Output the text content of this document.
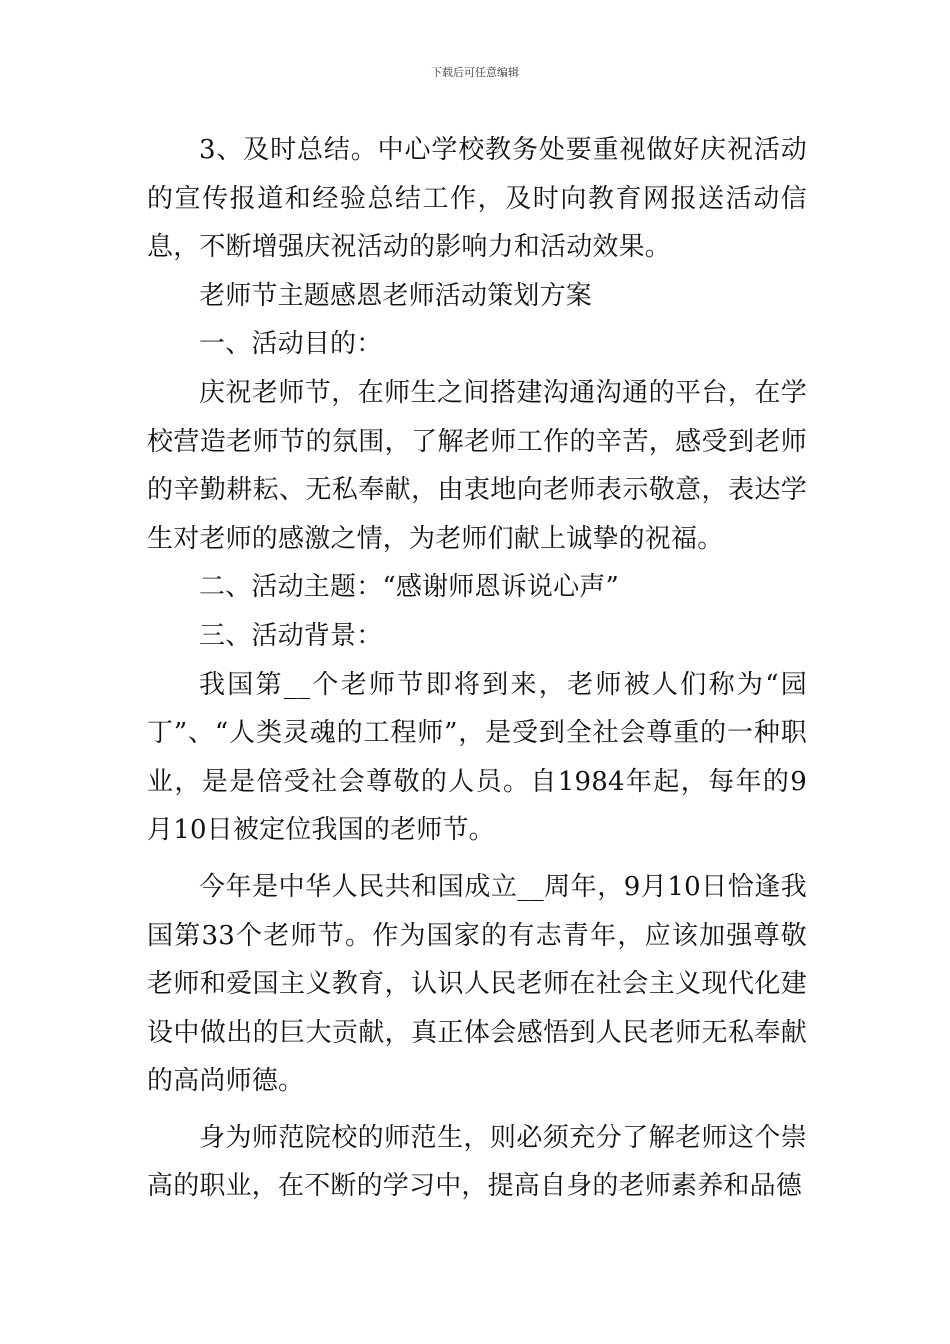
下载后可任意编辑

3、及时总结。中心学校教务处要重视做好庆祝活动的宣传报道和经验总结工作，及时向教育网报送活动信息，不断增强庆祝活动的影响力和活动效果。

老师节主题感恩老师活动策划方案

一、活动目的：

庆祝老师节，在师生之间搭建沟通沟通的平台，在学校营造老师节的氛围，了解老师工作的辛苦，感受到老师的辛勤耕耘、无私奉献，由衷地向老师表示敬意，表达学生对老师的感激之情，为老师们献上诚挚的祝福。

二、活动主题：“感谢师恩诉说心声”

三、活动背景：

我国第__个老师节即将到来，老师被人们称为“园丁”、“人类灵魂的工程师”，是受到全社会尊重的一种职业，是是倍受社会尊敬的人员。自1984年起，每年的9月10日被定位我国的老师节。

今年是中华人民共和国成立__周年，9月10日恰逢我国第33个老师节。作为国家的有志青年，应该加强尊敬老师和爱国主义教育，认识人民老师在社会主义现代化建设中做出的巨大贡献，真正体会感悟到人民老师无私奉献的高尚师德。

身为师范院校的师范生，则必须充分了解老师这个崇高的职业，在不断的学习中，提高自身的老师素养和品德
